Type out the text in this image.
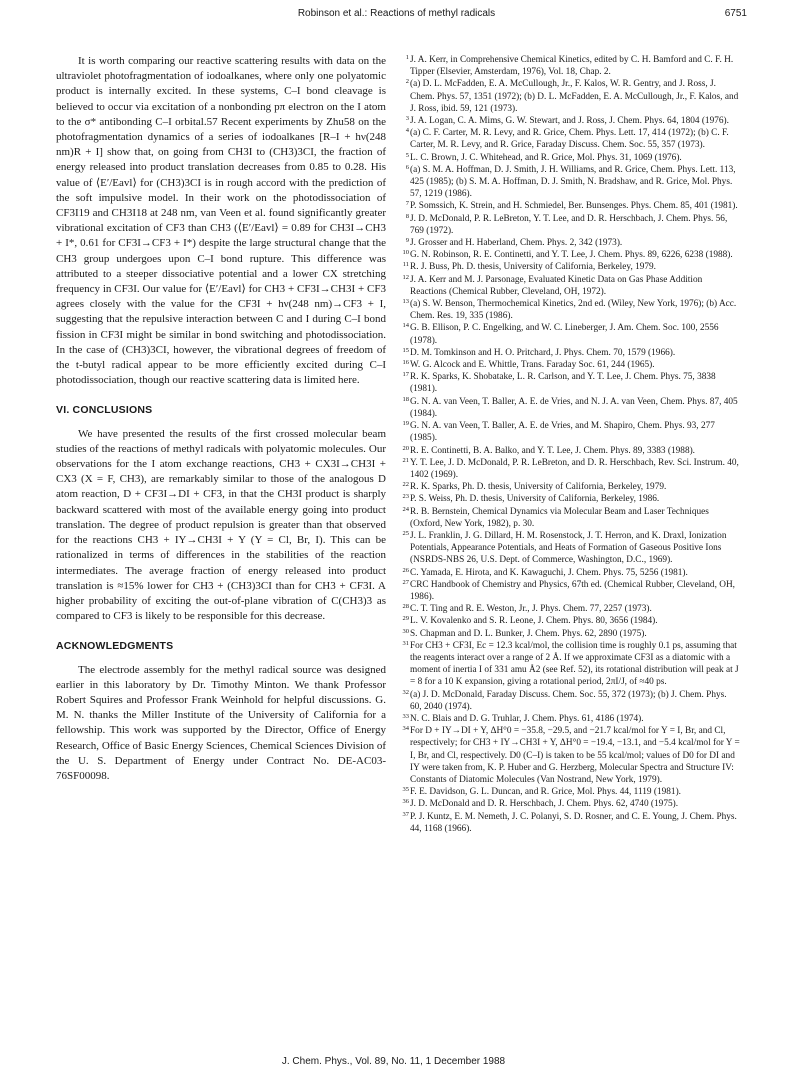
Robinson et al.: Reactions of methyl radicals	6751

It is worth comparing our reactive scattering results with data on the ultraviolet photofragmentation of iodoalkanes, where only one polyatomic product is internally excited. In these systems, C–I bond cleavage is believed to occur via excitation of a nonbonding pπ electron on the I atom to the σ* antibonding C–I orbital.57 Recent experiments by Zhu58 on the photofragmentation dynamics of a series of iodoalkanes [R–I + hν(248 nm)R + I] show that, on going from CH3I to (CH3)3CI, the fraction of energy released into product translation decreases from 0.85 to 0.28. His value of ⟨E′/Eavl⟩ for (CH3)3CI is in rough accord with the prediction of the soft impulsive model. In their work on the photodissociation of CF3I19 and CH3I18 at 248 nm, van Veen et al. found significantly greater vibrational excitation of CF3 than CH3 (⟨E′/Eavl⟩ = 0.89 for CH3I→CH3 + I*, 0.61 for CF3I→CF3 + I*) despite the large structural change that the CH3 group undergoes upon C–I bond rupture. This difference was attributed to a steeper dissociative potential and a lower CX stretching frequency in CF3I. Our value for ⟨E′/Eavl⟩ for CH3 + CF3I→CH3I + CF3 agrees closely with the value for the CF3I + hν(248 nm)→CF3 + I, suggesting that the repulsive interaction between C and I during C–I bond fission in CF3I might be similar in bond switching and photodissociation. In the case of (CH3)3CI, however, the vibrational degrees of freedom of the t-butyl radical appear to be more efficiently excited during C–I photodissociation, though our reactive scattering data is limited here.

VI. CONCLUSIONS

We have presented the results of the first crossed molecular beam studies of the reactions of methyl radicals with polyatomic molecules. Our observations for the I atom exchange reactions, CH3 + CX3I→CH3I + CX3 (X = F, CH3), are remarkably similar to those of the analogous D atom reaction, D + CF3I→DI + CF3, in that the CH3I product is sharply backward scattered with most of the available energy going into product translation. The degree of product repulsion is greater than that observed for the reactions CH3 + IY→CH3I + Y (Y = Cl, Br, I). This can be rationalized in terms of differences in the stabilities of the reaction intermediates. The average fraction of energy released into product translation is ≈15% lower for CH3 + (CH3)3CI than for CH3 + CF3I. A higher probability of exciting the out-of-plane vibration of C(CH3)3 as compared to CF3 is likely to be responsible for this decrease.

ACKNOWLEDGMENTS

The electrode assembly for the methyl radical source was designed earlier in this laboratory by Dr. Timothy Minton. We thank Professor Robert Squires and Professor Frank Weinhold for helpful discussions. G. M. N. thanks the Miller Institute of the University of California for a fellowship. This work was supported by the Director, Office of Energy Research, Office of Basic Energy Sciences, Chemical Sciences Division of the U. S. Department of Energy under Contract No. DE-AC03-76SF00098.

1 J. A. Kerr, in Comprehensive Chemical Kinetics, edited by C. H. Bamford and C. F. H. Tipper (Elsevier, Amsterdam, 1976), Vol. 18, Chap. 2.
2 (a) D. L. McFadden, E. A. McCullough, Jr., F. Kalos, W. R. Gentry, and J. Ross, J. Chem. Phys. 57, 1351 (1972); (b) D. L. McFadden, E. A. McCullough, Jr., F. Kalos, and J. Ross, ibid. 59, 121 (1973).
3 J. A. Logan, C. A. Mims, G. W. Stewart, and J. Ross, J. Chem. Phys. 64, 1804 (1976).
4 (a) C. F. Carter, M. R. Levy, and R. Grice, Chem. Phys. Lett. 17, 414 (1972); (b) C. F. Carter, M. R. Levy, and R. Grice, Faraday Discuss. Chem. Soc. 55, 357 (1973).
5 L. C. Brown, J. C. Whitehead, and R. Grice, Mol. Phys. 31, 1069 (1976).
6 (a) S. M. A. Hoffman, D. J. Smith, J. H. Williams, and R. Grice, Chem. Phys. Lett. 113, 425 (1985); (b) S. M. A. Hoffman, D. J. Smith, N. Bradshaw, and R. Grice, Mol. Phys. 57, 1219 (1986).
7 P. Somssich, K. Strein, and H. Schmiedel, Ber. Bunsenges. Phys. Chem. 85, 401 (1981).
8 J. D. McDonald, P. R. LeBreton, Y. T. Lee, and D. R. Herschbach, J. Chem. Phys. 56, 769 (1972).
9 J. Grosser and H. Haberland, Chem. Phys. 2, 342 (1973).
10 G. N. Robinson, R. E. Continetti, and Y. T. Lee, J. Chem. Phys. 89, 6226, 6238 (1988).
11 R. J. Buss, Ph. D. thesis, University of California, Berkeley, 1979.
12 J. A. Kerr and M. J. Parsonage, Evaluated Kinetic Data on Gas Phase Addition Reactions (Chemical Rubber, Cleveland, OH, 1972).
13 (a) S. W. Benson, Thermochemical Kinetics, 2nd ed. (Wiley, New York, 1976); (b) Acc. Chem. Res. 19, 335 (1986).
14 G. B. Ellison, P. C. Engelking, and W. C. Lineberger, J. Am. Chem. Soc. 100, 2556 (1978).
15 D. M. Tomkinson and H. O. Pritchard, J. Phys. Chem. 70, 1579 (1966).
16 W. G. Alcock and E. Whittle, Trans. Faraday Soc. 61, 244 (1965).
17 R. K. Sparks, K. Shobatake, L. R. Carlson, and Y. T. Lee, J. Chem. Phys. 75, 3838 (1981).
18 G. N. A. van Veen, T. Baller, A. E. de Vries, and N. J. A. van Veen, Chem. Phys. 87, 405 (1984).
19 G. N. A. van Veen, T. Baller, A. E. de Vries, and M. Shapiro, Chem. Phys. 93, 277 (1985).
20 R. E. Continetti, B. A. Balko, and Y. T. Lee, J. Chem. Phys. 89, 3383 (1988).
21 Y. T. Lee, J. D. McDonald, P. R. LeBreton, and D. R. Herschbach, Rev. Sci. Instrum. 40, 1402 (1969).
22 R. K. Sparks, Ph. D. thesis, University of California, Berkeley, 1979.
23 P. S. Weiss, Ph. D. thesis, University of California, Berkeley, 1986.
24 R. B. Bernstein, Chemical Dynamics via Molecular Beam and Laser Techniques (Oxford, New York, 1982), p. 30.
25 J. L. Franklin, J. G. Dillard, H. M. Rosenstock, J. T. Herron, and K. Draxl, Ionization Potentials, Appearance Potentials, and Heats of Formation of Gaseous Positive Ions (NSRDS-NBS 26, U.S. Dept. of Commerce, Washington, D.C., 1969).
26 C. Yamada, E. Hirota, and K. Kawaguchi, J. Chem. Phys. 75, 5256 (1981).
27 CRC Handbook of Chemistry and Physics, 67th ed. (Chemical Rubber, Cleveland, OH, 1986).
28 C. T. Ting and R. E. Weston, Jr., J. Phys. Chem. 77, 2257 (1973).
29 L. V. Kovalenko and S. R. Leone, J. Chem. Phys. 80, 3656 (1984).
30 S. Chapman and D. L. Bunker, J. Chem. Phys. 62, 2890 (1975).
31 For CH3 + CF3I, Ec = 12.3 kcal/mol, the collision time is roughly 0.1 ps, assuming that the reagents interact over a range of 2 Å. If we approximate CF3I as a diatomic with a moment of inertia I of 331 amu Å2 (see Ref. 52), its rotational distribution will peak at J = 8 for a 10 K expansion, giving a rotational period, 2πI/J, of ≈40 ps.
32 (a) J. D. McDonald, Faraday Discuss. Chem. Soc. 55, 372 (1973); (b) J. Chem. Phys. 60, 2040 (1974).
33 N. C. Blais and D. G. Truhlar, J. Chem. Phys. 61, 4186 (1974).
34 For D + IY→DI + Y, ΔH°0 = −35.8, −29.5, and −21.7 kcal/mol for Y = I, Br, and Cl, respectively; for CH3 + IY→CH3I + Y, ΔH°0 = −19.4, −13.1, and −5.4 kcal/mol for Y = I, Br, and Cl, respectively. D0 (C–I) is taken to be 55 kcal/mol; values of D0 for DI and IY were taken from, K. P. Huber and G. Herzberg, Molecular Spectra and Structure IV: Constants of Diatomic Molecules (Van Nostrand, New York, 1979).
35 F. E. Davidson, G. L. Duncan, and R. Grice, Mol. Phys. 44, 1119 (1981).
36 J. D. McDonald and D. R. Herschbach, J. Chem. Phys. 62, 4740 (1975).
37 P. J. Kuntz, E. M. Nemeth, J. C. Polanyi, S. D. Rosner, and C. E. Young, J. Chem. Phys. 44, 1168 (1966).
J. Chem. Phys., Vol. 89, No. 11, 1 December 1988
